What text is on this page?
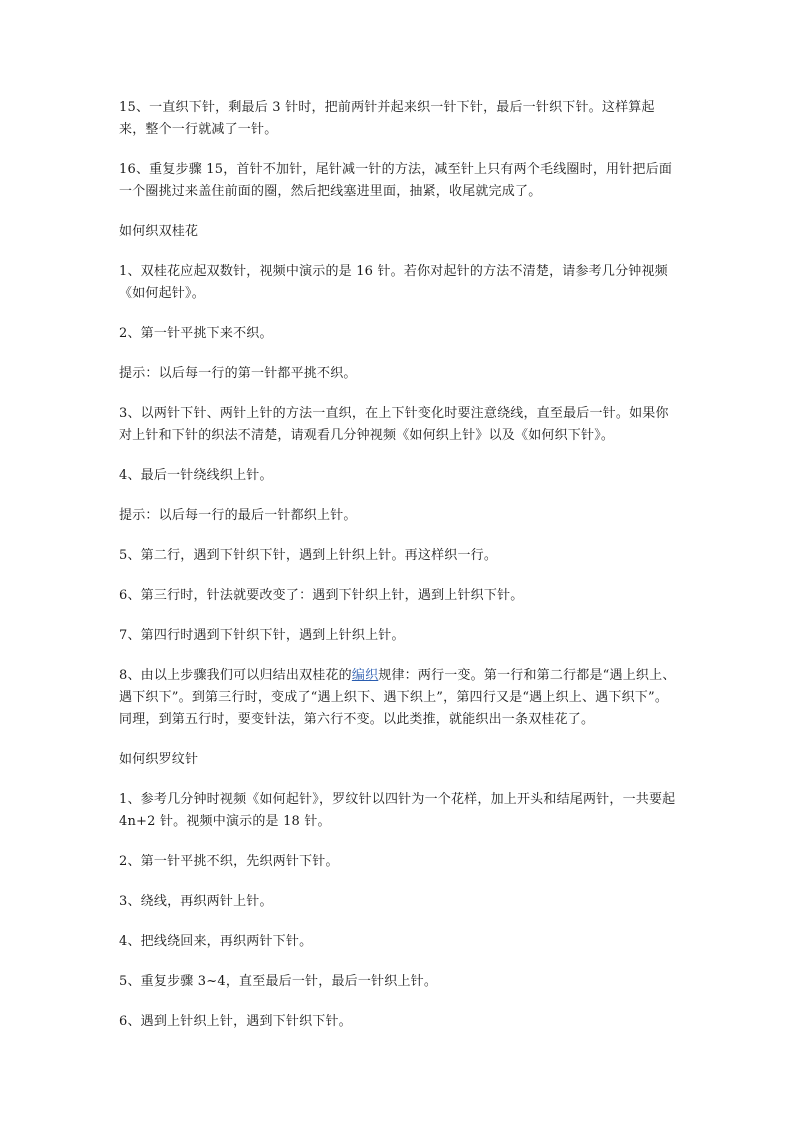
15、一直织下针，剩最后 3 针时，把前两针并起来织一针下针，最后一针织下针。这样算起来，整个一行就减了一针。

16、重复步骤 15，首针不加针，尾针减一针的方法，减至针上只有两个毛线圈时，用针把后面一个圈挑过来盖住前面的圈，然后把线塞进里面，抽紧，收尾就完成了。

如何织双桂花

1、双桂花应起双数针，视频中演示的是 16 针。若你对起针的方法不清楚，请参考几分钟视频《如何起针》。

2、第一针平挑下来不织。

提示：以后每一行的第一针都平挑不织。

3、以两针下针、两针上针的方法一直织，在上下针变化时要注意绕线，直至最后一针。如果你对上针和下针的织法不清楚，请观看几分钟视频《如何织上针》以及《如何织下针》。

4、最后一针绕线织上针。

提示：以后每一行的最后一针都织上针。

5、第二行，遇到下针织下针，遇到上针织上针。再这样织一行。

6、第三行时，针法就要改变了：遇到下针织上针，遇到上针织下针。

7、第四行时遇到下针织下针，遇到上针织上针。

8、由以上步骤我们可以归结出双桂花的编织规律：两行一变。第一行和第二行都是“遇上织上、遇下织下”。到第三行时，变成了“遇上织下、遇下织上”，第四行又是“遇上织上、遇下织下”。同理，到第五行时，要变针法，第六行不变。以此类推，就能织出一条双桂花了。

如何织罗纹针

1、参考几分钟时视频《如何起针》，罗纹针以四针为一个花样，加上开头和结尾两针，一共要起 4n+2 针。视频中演示的是 18 针。

2、第一针平挑不织，先织两针下针。

3、绕线，再织两针上针。

4、把线绕回来，再织两针下针。

5、重复步骤 3~4，直至最后一针，最后一针织上针。

6、遇到上针织上针，遇到下针织下针。
